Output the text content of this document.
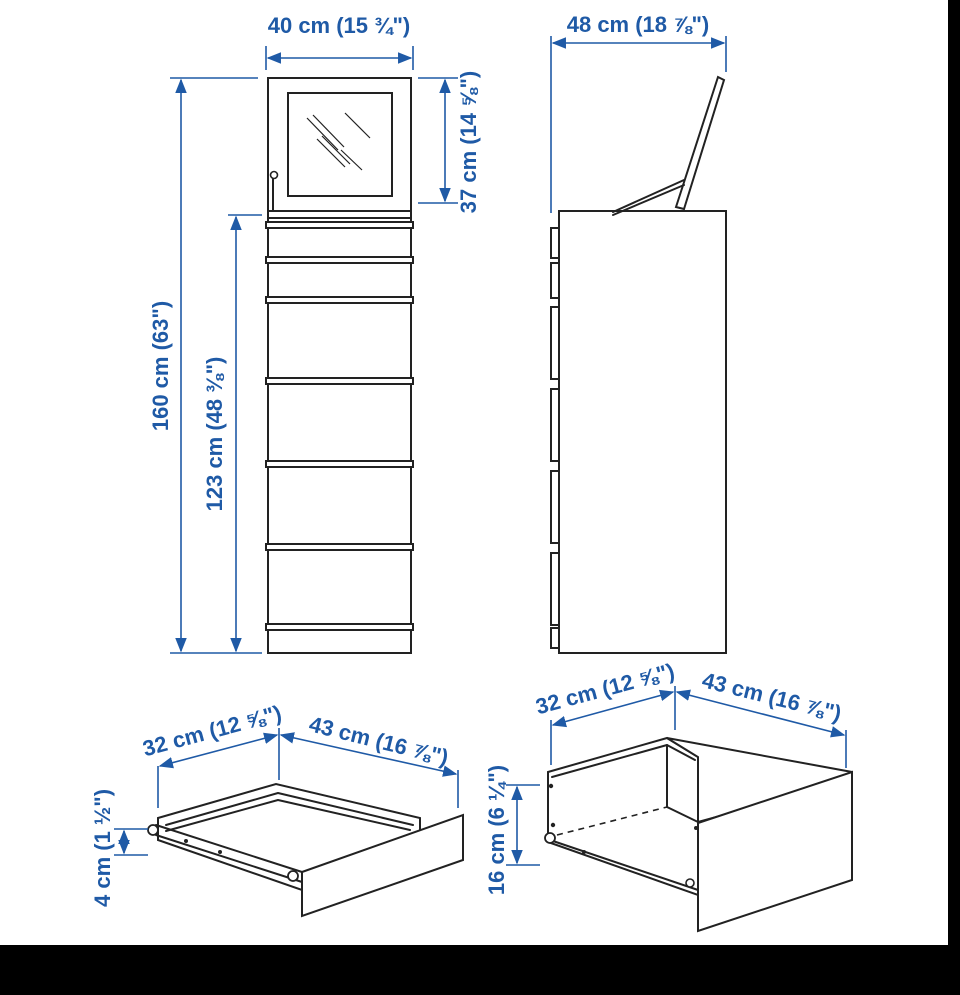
40 cm (15 ¾")
160 cm (63") 123 cm (48 ⅜")
37 cm (14 ⅝")
48 cm (18 ⅞")
32 cm (12 ⅝") 43 cm (16 ⅞")
4 cm (1 ½")
32 cm (12 ⅝") 43 cm (16 ⅞")
16 cm (6 ¼")
